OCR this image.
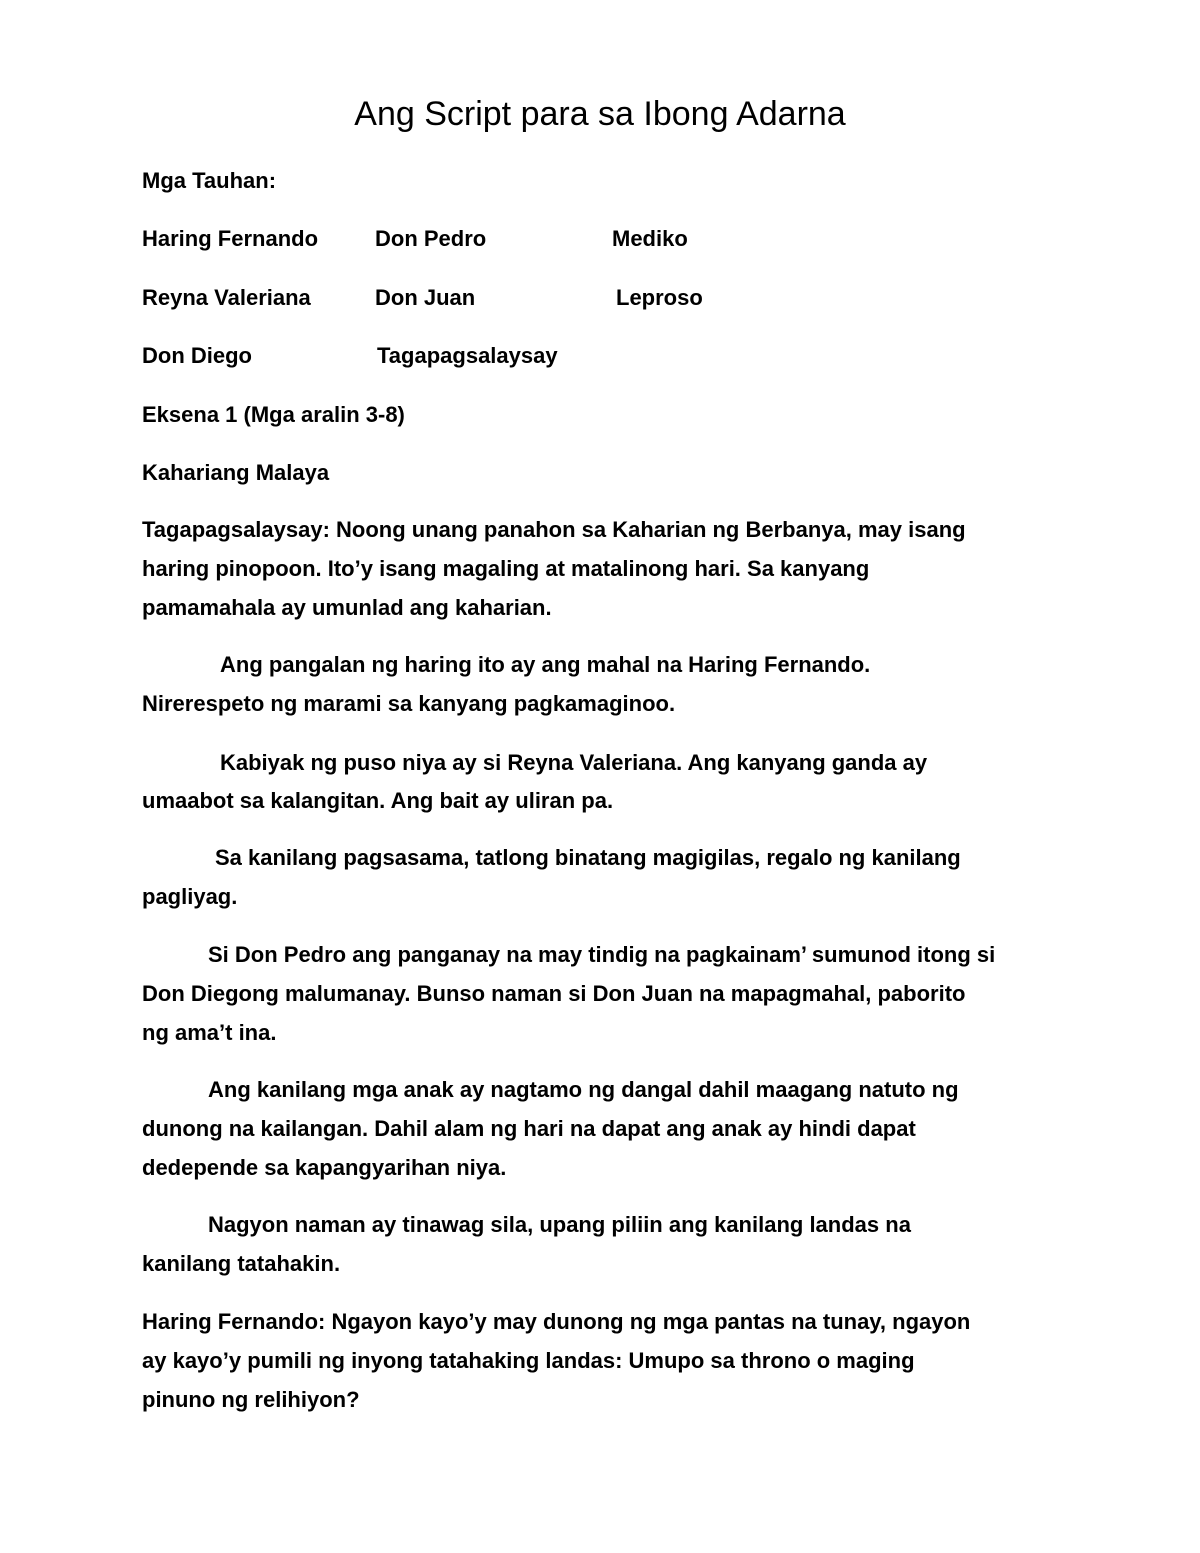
Ang Script para sa Ibong Adarna

Mga Tauhan:

Haring Fernando	Don Pedro	Mediko
Reyna Valeriana	Don Juan	Leproso
Don Diego	Tagapagsalaysay

Eksena 1 (Mga aralin 3-8)

Kahariang Malaya

Tagapagsalaysay: Noong unang panahon sa Kaharian ng Berbanya, may isang

haring pinopoon. Ito’y isang magaling at matalinong hari. Sa kanyang

pamamahala ay umunlad ang kaharian.

Ang pangalan ng haring ito ay ang mahal na Haring Fernando.

Nirerespeto ng marami sa kanyang pagkamaginoo.

Kabiyak ng puso niya ay si Reyna Valeriana. Ang kanyang ganda ay

umaabot sa kalangitan. Ang bait ay uliran pa.

Sa kanilang pagsasama, tatlong binatang magigilas, regalo ng kanilang

pagliyag.

Si Don Pedro ang panganay na may tindig na pagkainam’ sumunod itong si

Don Diegong malumanay. Bunso naman si Don Juan na mapagmahal, paborito

ng ama’t ina.

Ang kanilang mga anak ay nagtamo ng dangal dahil maagang natuto ng

dunong na kailangan. Dahil alam ng hari na dapat ang anak ay hindi dapat

dedepende sa kapangyarihan niya.

Nagyon naman ay tinawag sila, upang piliin ang kanilang landas na

kanilang tatahakin.

Haring Fernando: Ngayon kayo’y may dunong ng mga pantas na tunay, ngayon

ay kayo’y pumili ng inyong tatahaking landas: Umupo sa throno o maging

pinuno ng relihiyon?
